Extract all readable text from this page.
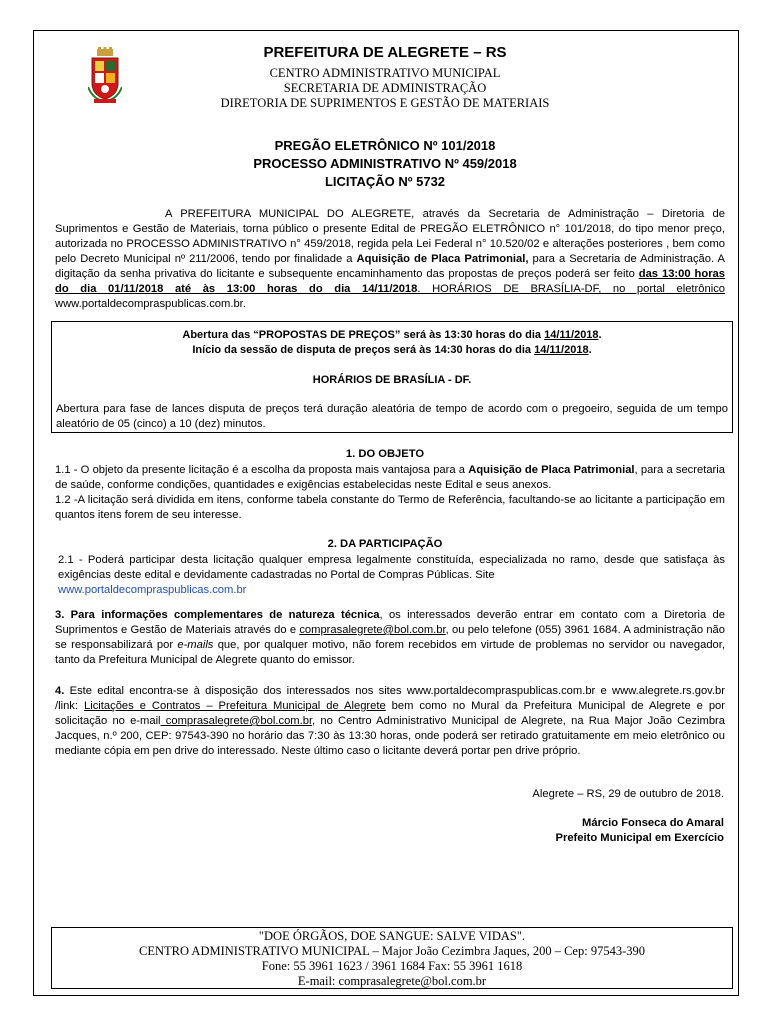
PREFEITURA DE ALEGRETE – RS
CENTRO ADMINISTRATIVO MUNICIPAL
SECRETARIA DE ADMINISTRAÇÃO
DIRETORIA DE SUPRIMENTOS E GESTÃO DE MATERIAIS
PREGÃO ELETRÔNICO Nº 101/2018
PROCESSO ADMINISTRATIVO Nº 459/2018
LICITAÇÃO Nº 5732
A PREFEITURA MUNICIPAL DO ALEGRETE, através da Secretaria de Administração – Diretoria de Suprimentos e Gestão de Materiais, torna público o presente Edital de PREGÃO ELETRÔNICO n° 101/2018, do tipo menor preço, autorizada no PROCESSO ADMINISTRATIVO n° 459/2018, regida pela Lei Federal n° 10.520/02 e alterações posteriores , bem como pelo Decreto Municipal nº 211/2006, tendo por finalidade a Aquisição de Placa Patrimonial, para a Secretaria de Administração. A digitação da senha privativa do licitante e subsequente encaminhamento das propostas de preços poderá ser feito das 13:00 horas do dia 01/11/2018 até às 13:00 horas do dia 14/11/2018. HORÁRIOS DE BRASÍLIA-DF, no portal eletrônico www.portaldecompraspublicas.com.br.
Abertura das “PROPOSTAS DE PREÇOS” será às 13:30 horas do dia 14/11/2018.
Início da sessão de disputa de preços será às 14:30 horas do dia 14/11/2018.
HORÁRIOS DE BRASÍLIA - DF.
Abertura para fase de lances disputa de preços terá duração aleatória de tempo de acordo com o pregoeiro, seguida de um tempo aleatório de 05 (cinco) a 10 (dez) minutos.
1. DO OBJETO
1.1 - O objeto da presente licitação é a escolha da proposta mais vantajosa para a Aquisição de Placa Patrimonial, para a secretaria de saúde, conforme condições, quantidades e exigências estabelecidas neste Edital e seus anexos.
1.2 -A licitação será dividida em itens, conforme tabela constante do Termo de Referência, facultando-se ao licitante a participação em quantos itens forem de seu interesse.
2. DA PARTICIPAÇÃO
2.1 - Poderá participar desta licitação qualquer empresa legalmente constituída, especializada no ramo, desde que satisfaça às exigências deste edital e devidamente cadastradas no Portal de Compras Públicas. Site
www.portaldecompraspublicas.com.br
3. Para informações complementares de natureza técnica, os interessados deverão entrar em contato com a Diretoria de Suprimentos e Gestão de Materiais através do e comprasalegrete@bol.com.br, ou pelo telefone (055) 3961 1684. A administração não se responsabilizará por e-mails que, por qualquer motivo, não forem recebidos em virtude de problemas no servidor ou navegador, tanto da Prefeitura Municipal de Alegrete quanto do emissor.
4. Este edital encontra-se à disposição dos interessados nos sites www.portaldecompraspublicas.com.br e www.alegrete.rs.gov.br /link: Licitações e Contratos – Prefeitura Municipal de Alegrete bem como no Mural da Prefeitura Municipal de Alegrete e por solicitação no e-mail comprasalegrete@bol.com.br, no Centro Administrativo Municipal de Alegrete, na Rua Major João Cezimbra Jacques, n.º 200, CEP: 97543-390 no horário das 7:30 às 13:30 horas, onde poderá ser retirado gratuitamente em meio eletrônico ou mediante cópia em pen drive do interessado. Neste último caso o licitante deverá portar pen drive próprio.
Alegrete – RS, 29 de outubro de 2018.
Márcio Fonseca do Amaral
Prefeito Municipal em Exercício
"DOE ÓRGÃOS, DOE SANGUE: SALVE VIDAS".
CENTRO ADMINISTRATIVO MUNICIPAL – Major João Cezimbra Jaques, 200 – Cep: 97543-390
Fone: 55 3961 1623 / 3961 1684 Fax: 55 3961 1618
E-mail: comprasalegrete@bol.com.br
